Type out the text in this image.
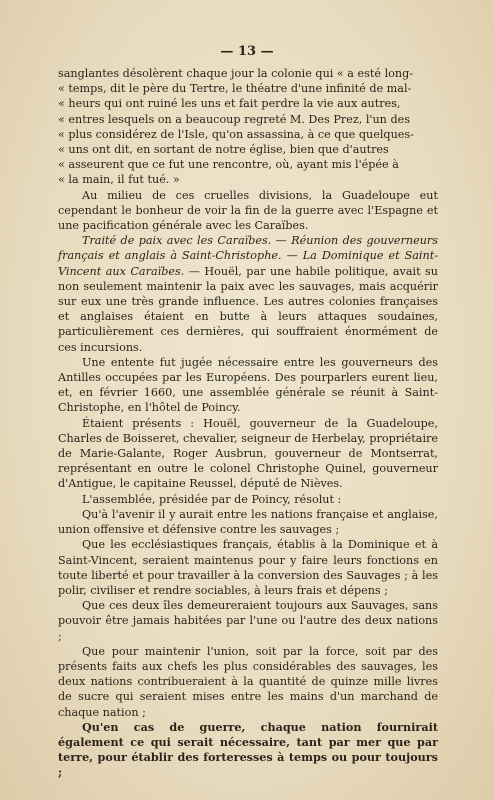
— 13 —

sanglantes désolèrent chaque jour la colonie qui « a esté long-
« temps, dit le père du Tertre, le théatre d'une infinité de mal-
« heurs qui ont ruiné les uns et fait perdre la vie aux autres,
« entres lesquels on a beaucoup regreté M. Des Prez, l'un des
« plus considérez de l'Isle, qu'on assassina, à ce que quelques-
« uns ont dit, en sortant de notre église, bien que d'autres
« asseurent que ce fut une rencontre, où, ayant mis l'épée à
« la main, il fut tué. »

Au milieu de ces cruelles divisions, la Guadeloupe eut cependant le bonheur de voir la fin de la guerre avec l'Espagne et une pacification générale avec les Caraïbes.

Traité de paix avec les Caraïbes. — Réunion des gouverneurs français et anglais à Saint-Christophe. — La Dominique et Saint-Vincent aux Caraïbes. — Houël, par une habile politique, avait su non seulement maintenir la paix avec les sauvages, mais acquérir sur eux une très grande influence. Les autres colonies françaises et anglaises étaient en butte à leurs attaques soudaines, particulièrement ces dernières, qui souffraient énormément de ces incursions.

Une entente fut jugée nécessaire entre les gouverneurs des Antilles occupées par les Européens. Des pourparlers eurent lieu, et, en février 1660, une assemblée générale se réunit à Saint-Christophe, en l'hôtel de Poincy.

Étaient présents : Houël, gouverneur de la Guadeloupe, Charles de Boisseret, chevalier, seigneur de Herbelay, propriétaire de Marie-Galante, Roger Ausbrun, gouverneur de Montserrat, représentant en outre le colonel Christophe Quinel, gouverneur d'Antigue, le capitaine Reussel, député de Nièves.

L'assemblée, présidée par de Poincy, résolut :

Qu'à l'avenir il y aurait entre les nations française et anglaise, union offensive et défensive contre les sauvages ;

Que les ecclésiastiques français, établis à la Dominique et à Saint-Vincent, seraient maintenus pour y faire leurs fonctions en toute liberté et pour travailler à la conversion des Sauvages ; à les polir, civiliser et rendre sociables, à leurs frais et dépens ;

Que ces deux îles demeureraient toujours aux Sauvages, sans pouvoir être jamais habitées par l'une ou l'autre des deux nations ;

Que pour maintenir l'union, soit par la force, soit par des présents faits aux chefs les plus considérables des sauvages, les deux nations contribueraient à la quantité de quinze mille livres de sucre qui seraient mises entre les mains d'un marchand de chaque nation ;

Qu'en cas de guerre, chaque nation fournirait également ce qui serait nécessaire, tant par mer que par terre, pour établir des forteresses à temps ou pour toujours ;
